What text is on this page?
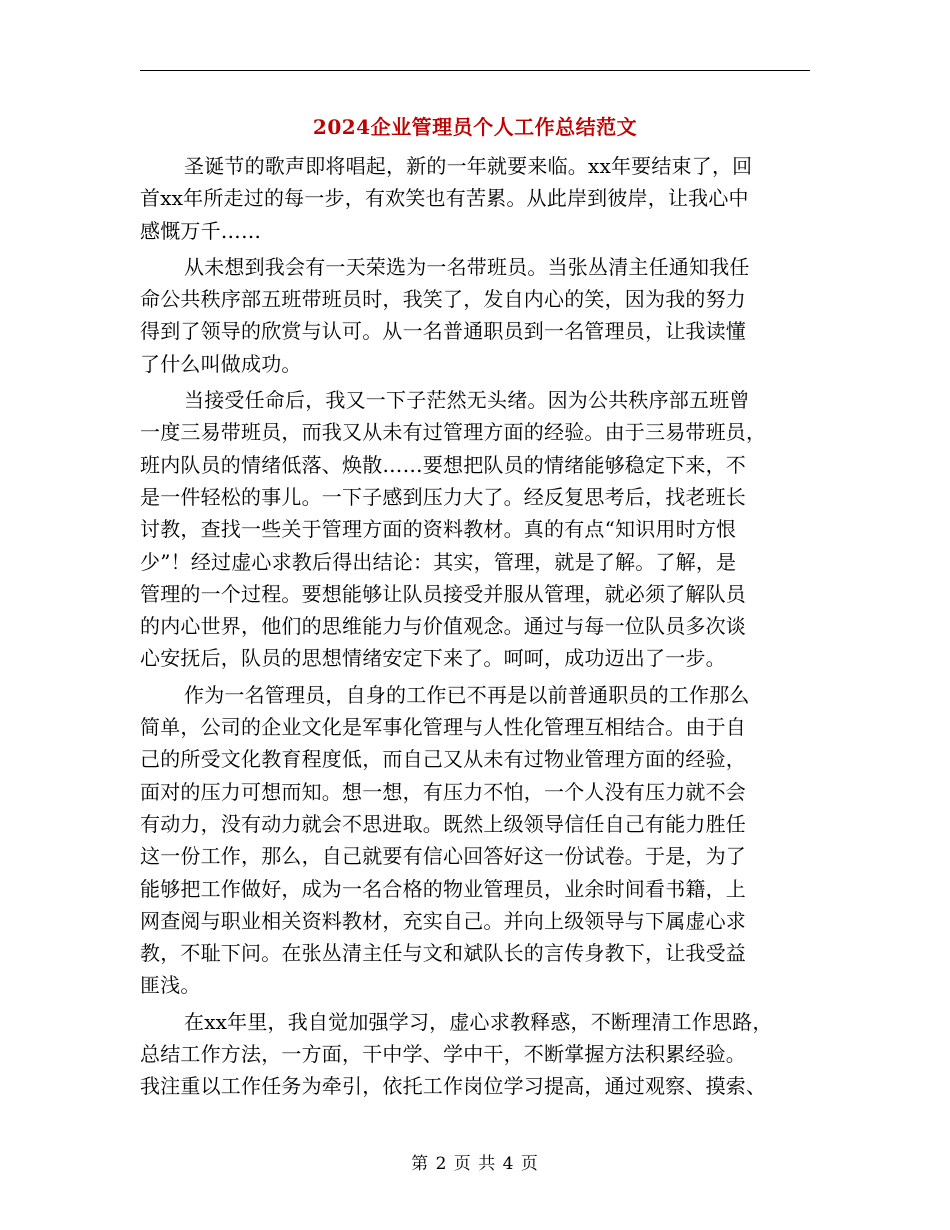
2024企业管理员个人工作总结范文

圣诞节的歌声即将唱起，新的一年就要来临。xx年要结束了，回
首xx年所走过的每一步，有欢笑也有苦累。从此岸到彼岸，让我心中
感慨万千……

从未想到我会有一天荣选为一名带班员。当张丛清主任通知我任
命公共秩序部五班带班员时，我笑了，发自内心的笑，因为我的努力
得到了领导的欣赏与认可。从一名普通职员到一名管理员，让我读懂
了什么叫做成功。

当接受任命后，我又一下子茫然无头绪。因为公共秩序部五班曾
一度三易带班员，而我又从未有过管理方面的经验。由于三易带班员，
班内队员的情绪低落、焕散……要想把队员的情绪能够稳定下来，不
是一件轻松的事儿。一下子感到压力大了。经反复思考后，找老班长
讨教，查找一些关于管理方面的资料教材。真的有点“知识用时方恨
少”！经过虚心求教后得出结论：其实，管理，就是了解。了解，是
管理的一个过程。要想能够让队员接受并服从管理，就必须了解队员
的内心世界，他们的思维能力与价值观念。通过与每一位队员多次谈
心安抚后，队员的思想情绪安定下来了。呵呵，成功迈出了一步。

作为一名管理员，自身的工作已不再是以前普通职员的工作那么
简单，公司的企业文化是军事化管理与人性化管理互相结合。由于自
己的所受文化教育程度低，而自己又从未有过物业管理方面的经验，
面对的压力可想而知。想一想，有压力不怕，一个人没有压力就不会
有动力，没有动力就会不思进取。既然上级领导信任自己有能力胜任
这一份工作，那么，自己就要有信心回答好这一份试卷。于是，为了
能够把工作做好，成为一名合格的物业管理员，业余时间看书籍，上
网查阅与职业相关资料教材，充实自己。并向上级领导与下属虚心求
教，不耻下问。在张丛清主任与文和斌队长的言传身教下，让我受益
匪浅。

在xx年里，我自觉加强学习，虚心求教释惑，不断理清工作思路，
总结工作方法，一方面，干中学、学中干，不断掌握方法积累经验。
我注重以工作任务为牵引，依托工作岗位学习提高，通过观察、摸索、

第 2 页 共 4 页
